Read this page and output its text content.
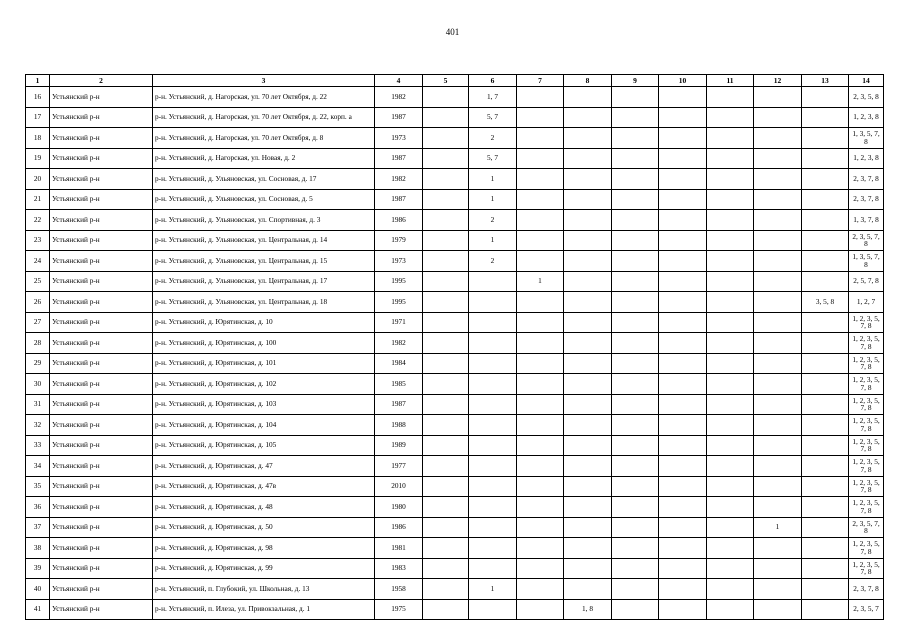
401
1	2	3	4	5	6	7	8	9	10	11	12	13	14
16	Устьянский р-н	р-н. Устьянский, д. Нагорская, ул. 70 лет Октября, д. 22	1982		1, 7								2, 3, 5, 8
17	Устьянский р-н	р-н. Устьянский, д. Нагорская, ул. 70 лет Октября, д. 22, корп. а	1987		5, 7								1, 2, 3, 8
18	Устьянский р-н	р-н. Устьянский, д. Нагорская, ул. 70 лет Октября, д. 8	1973		2								1, 3, 5, 7, 8
19	Устьянский р-н	р-н. Устьянский, д. Нагорская, ул. Новая, д. 2	1987		5, 7								1, 2, 3, 8
20	Устьянский р-н	р-н. Устьянский, д. Ульяновская, ул. Сосновая, д. 17	1982		1								2, 3, 7, 8
21	Устьянский р-н	р-н. Устьянский, д. Ульяновская, ул. Сосновая, д. 5	1987		1								2, 3, 7, 8
22	Устьянский р-н	р-н. Устьянский, д. Ульяновская, ул. Спортивная, д. 3	1986		2								1, 3, 7, 8
23	Устьянский р-н	р-н. Устьянский, д. Ульяновская, ул. Центральная, д. 14	1979		1								2, 3, 5, 7, 8
24	Устьянский р-н	р-н. Устьянский, д. Ульяновская, ул. Центральная, д. 15	1973		2								1, 3, 5, 7, 8
25	Устьянский р-н	р-н. Устьянский, д. Ульяновская, ул. Центральная, д. 17	1995			1							2, 5, 7, 8
26	Устьянский р-н	р-н. Устьянский, д. Ульяновская, ул. Центральная, д. 18	1995									3, 5, 8	1, 2, 7
27	Устьянский р-н	р-н. Устьянский, д. Юрятинская, д. 10	1971										1, 2, 3, 5, 7, 8
28	Устьянский р-н	р-н. Устьянский, д. Юрятинская, д. 100	1982										1, 2, 3, 5, 7, 8
29	Устьянский р-н	р-н. Устьянский, д. Юрятинская, д. 101	1984										1, 2, 3, 5, 7, 8
30	Устьянский р-н	р-н. Устьянский, д. Юрятинская, д. 102	1985										1, 2, 3, 5, 7, 8
31	Устьянский р-н	р-н. Устьянский, д. Юрятинская, д. 103	1987										1, 2, 3, 5, 7, 8
32	Устьянский р-н	р-н. Устьянский, д. Юрятинская, д. 104	1988										1, 2, 3, 5, 7, 8
33	Устьянский р-н	р-н. Устьянский, д. Юрятинская, д. 105	1989										1, 2, 3, 5, 7, 8
34	Устьянский р-н	р-н. Устьянский, д. Юрятинская, д. 47	1977										1, 2, 3, 5, 7, 8
35	Устьянский р-н	р-н. Устьянский, д. Юрятинская, д. 47в	2010										1, 2, 3, 5, 7, 8
36	Устьянский р-н	р-н. Устьянский, д. Юрятинская, д. 48	1980										1, 2, 3, 5, 7, 8
37	Устьянский р-н	р-н. Устьянский, д. Юрятинская, д. 50	1986								1		2, 3, 5, 7, 8
38	Устьянский р-н	р-н. Устьянский, д. Юрятинская, д. 98	1981										1, 2, 3, 5, 7, 8
39	Устьянский р-н	р-н. Устьянский, д. Юрятинская, д. 99	1983										1, 2, 3, 5, 7, 8
40	Устьянский р-н	р-н. Устьянский, п. Глубокий, ул. Школьная, д. 13	1958		1								2, 3, 7, 8
41	Устьянский р-н	р-н. Устьянский, п. Илеза, ул. Привокзальная, д. 1	1975				1, 8						2, 3, 5, 7
